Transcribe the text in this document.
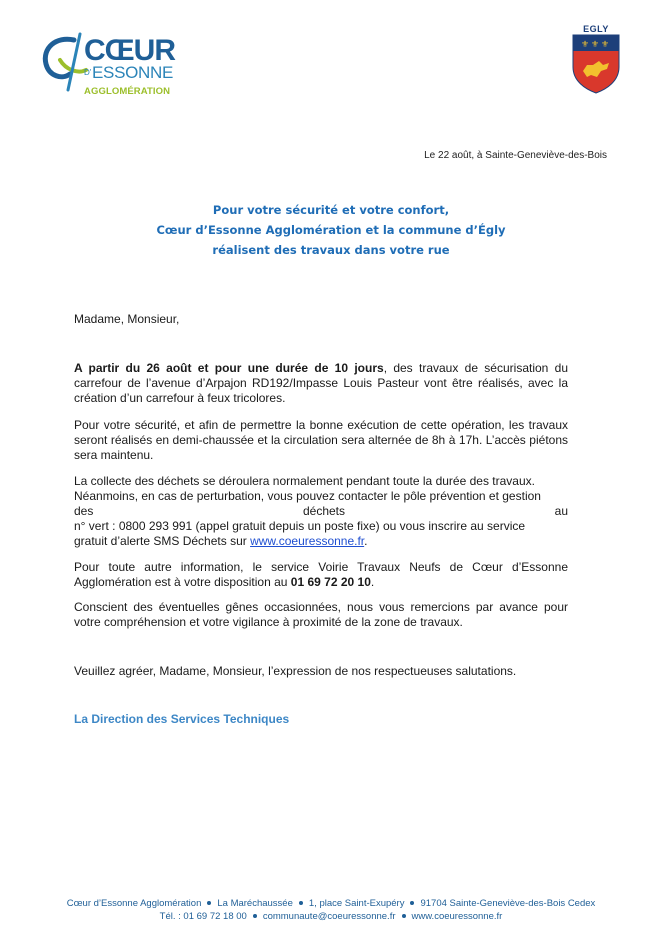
CŒUR
D' ESSONNE
AGGLOMÉRATION
EGLY
⚜ ⚜ ⚜
Le 22 août, à Sainte-Geneviève-des-Bois
Pour votre sécurité et votre confort,
Cœur d’Essonne Agglomération et la commune d’Égly
réalisent des travaux dans votre rue
Madame, Monsieur,
A partir du 26 août et pour une durée de 10 jours, des travaux de sécurisation du carrefour de l’avenue d’Arpajon RD192/Impasse Louis Pasteur vont être réalisés, avec la création d’un carrefour à feux tricolores.
Pour votre sécurité, et afin de permettre la bonne exécution de cette opération, les travaux seront réalisés en demi-chaussée et la circulation sera alternée de 8h à 17h. L’accès piétons sera maintenu.
La collecte des déchets se déroulera normalement pendant toute la durée des travaux.
Néanmoins, en cas de perturbation, vous pouvez contacter le pôle prévention et gestion
des	déchets	au
n° vert : 0800 293 991 (appel gratuit depuis un poste fixe) ou vous inscrire au service
gratuit d’alerte SMS Déchets sur www.coeuressonne.fr.
Pour toute autre information, le service Voirie Travaux Neufs de Cœur d’Essonne Agglomération est à votre disposition au 01 69 72 20 10.
Conscient des éventuelles gênes occasionnées, nous vous remercions par avance pour votre compréhension et votre vigilance à proximité de la zone de travaux.
Veuillez agréer, Madame, Monsieur, l’expression de nos respectueuses salutations.
La Direction des Services Techniques
Cœur d’Essonne Agglomération La Maréchaussée 1, place Saint-Exupéry 91704 Sainte-Geneviève-des-Bois Cedex
Tél. : 01 69 72 18 00 communaute@coeuressonne.fr www.coeuressonne.fr
